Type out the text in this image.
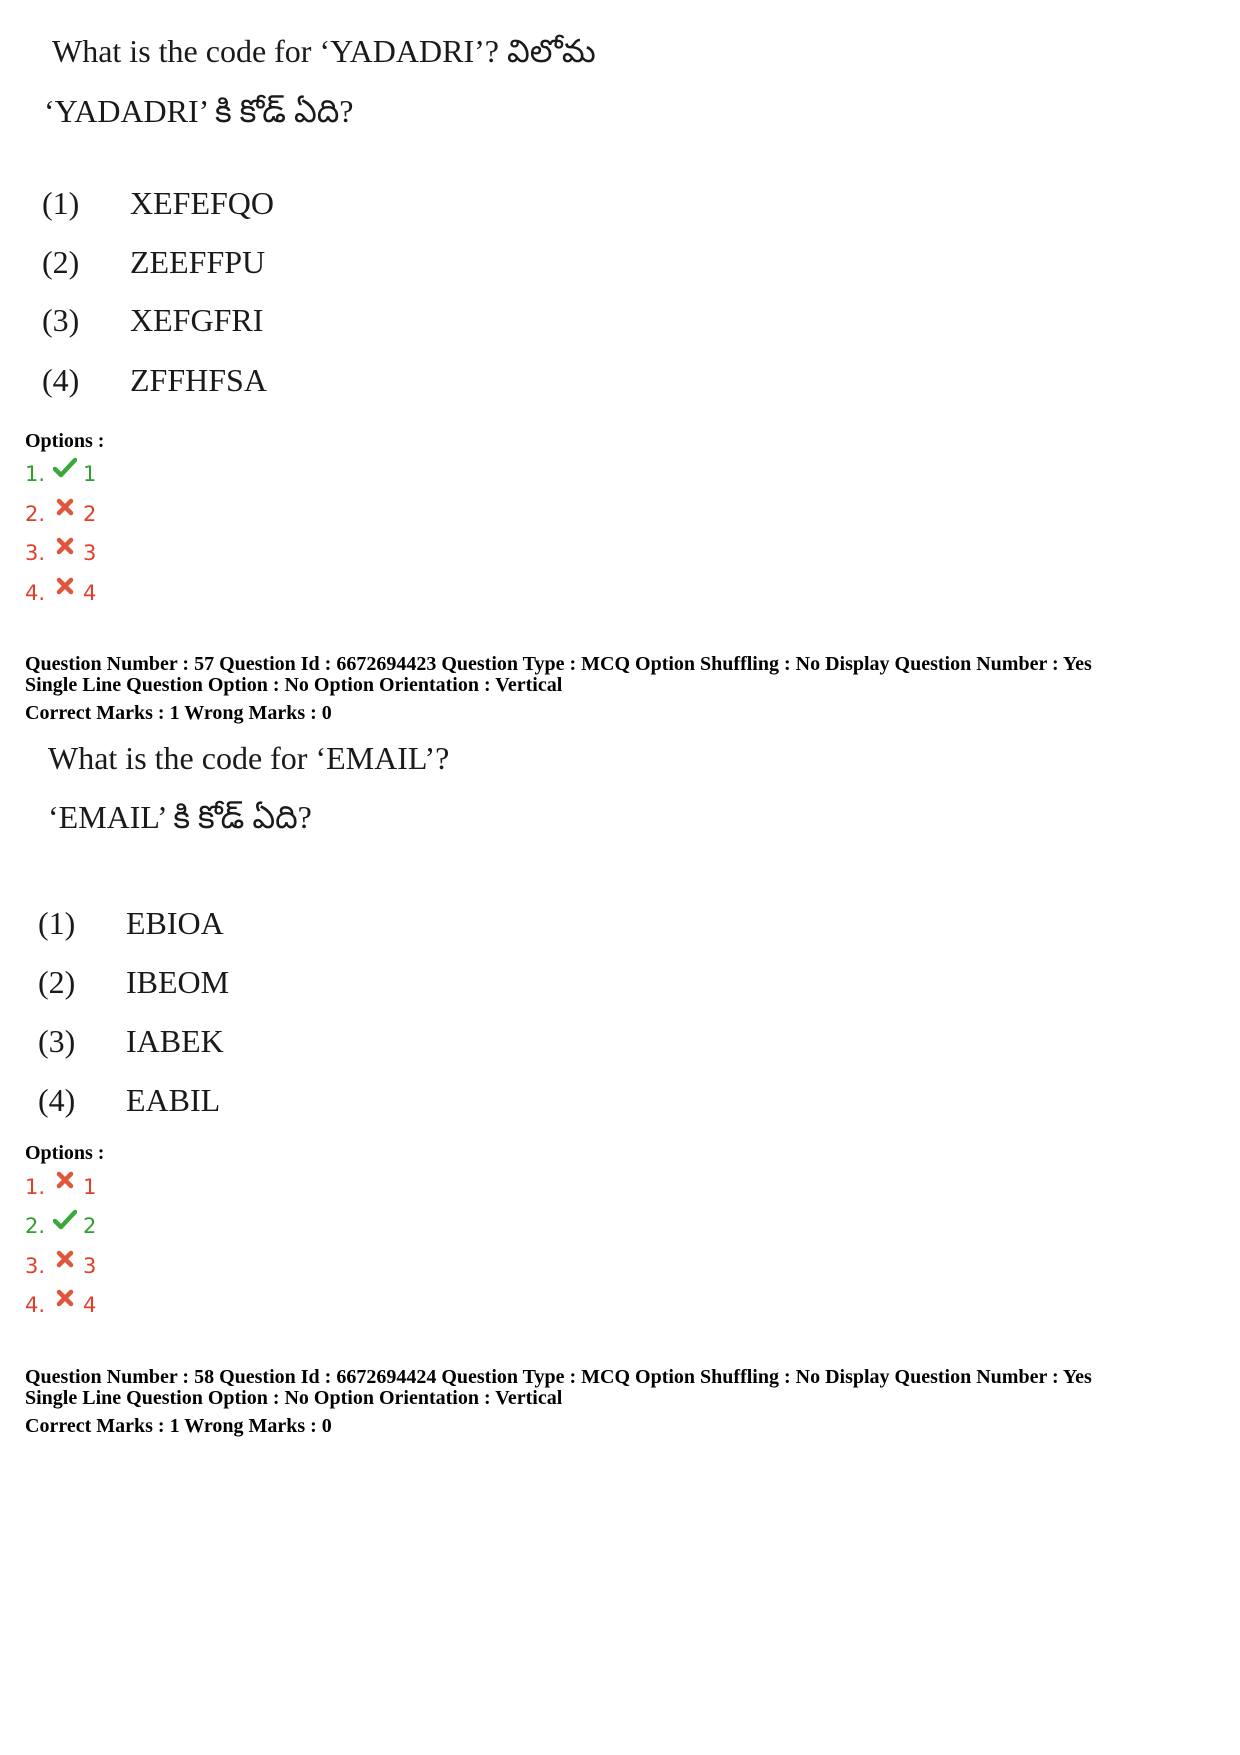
What is the code for ‘YADADRI’? విలోమ
‘YADADRI’ కి కోడ్ ఏది?
(1) XEFEFQO
(2) ZEEFFPU
(3) XEFGFRI
(4) ZFFHFSA
Options :
1.	1
2.	2
3.	3
4.	4
Question Number : 57 Question Id : 6672694423 Question Type : MCQ Option Shuffling : No Display Question Number : Yes
Single Line Question Option : No Option Orientation : Vertical
Correct Marks : 1 Wrong Marks : 0
What is the code for ‘EMAIL’?
‘EMAIL’ కి కోడ్ ఏది?
(1) EBIOA
(2) IBEOM
(3) IABEK
(4) EABIL
Options :
1.	1
2.	2
3.	3
4.	4
Question Number : 58 Question Id : 6672694424 Question Type : MCQ Option Shuffling : No Display Question Number : Yes
Single Line Question Option : No Option Orientation : Vertical
Correct Marks : 1 Wrong Marks : 0
